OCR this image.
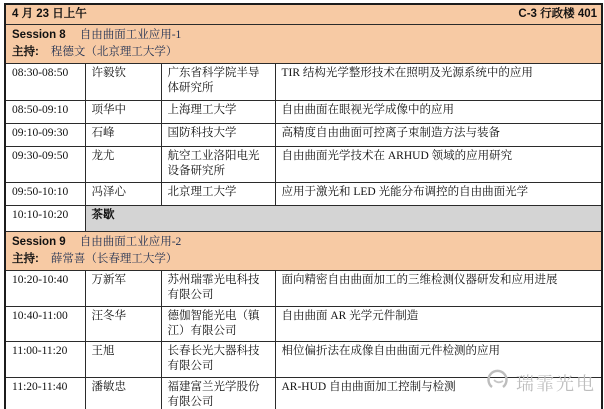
4 月 23 日上午 C-3 行政楼 401			

Session 8 自由曲面工业应用-1
主持: 程德文（北京理工大学）			

08:30-08:50	许毅钦	广东省科学院半导体研究所	TIR 结构光学整形技术在照明及光源系统中的应用
08:50-09:10	项华中	上海理工大学	自由曲面在眼视光学成像中的应用
09:10-09:30	石峰	国防科技大学	高精度自由曲面可控离子束制造方法与装备
09:30-09:50	龙尤	航空工业洛阳电光设备研究所	自由曲面光学技术在 ARHUD 领域的应用研究
09:50-10:10	冯泽心	北京理工大学	应用于激光和 LED 光能分布调控的自由曲面光学
10:10-10:20	茶歇		

Session 9 自由曲面工业应用-2
主持: 薛常喜（长春理工大学）			

10:20-10:40	万新军	苏州瑞霏光电科技有限公司	面向精密自由曲面加工的三维检测仪器研发和应用进展
10:40-11:00	汪冬华	德伽智能光电（镇江）有限公司	自由曲面 AR 光学元件制造
11:00-11:20	王旭	长春长光大器科技有限公司	相位偏折法在成像自由曲面元件检测的应用
11:20-11:40	潘敏忠	福建富兰光学股份有限公司	AR-HUD 自由曲面加工控制与检测	瑞霏光电
